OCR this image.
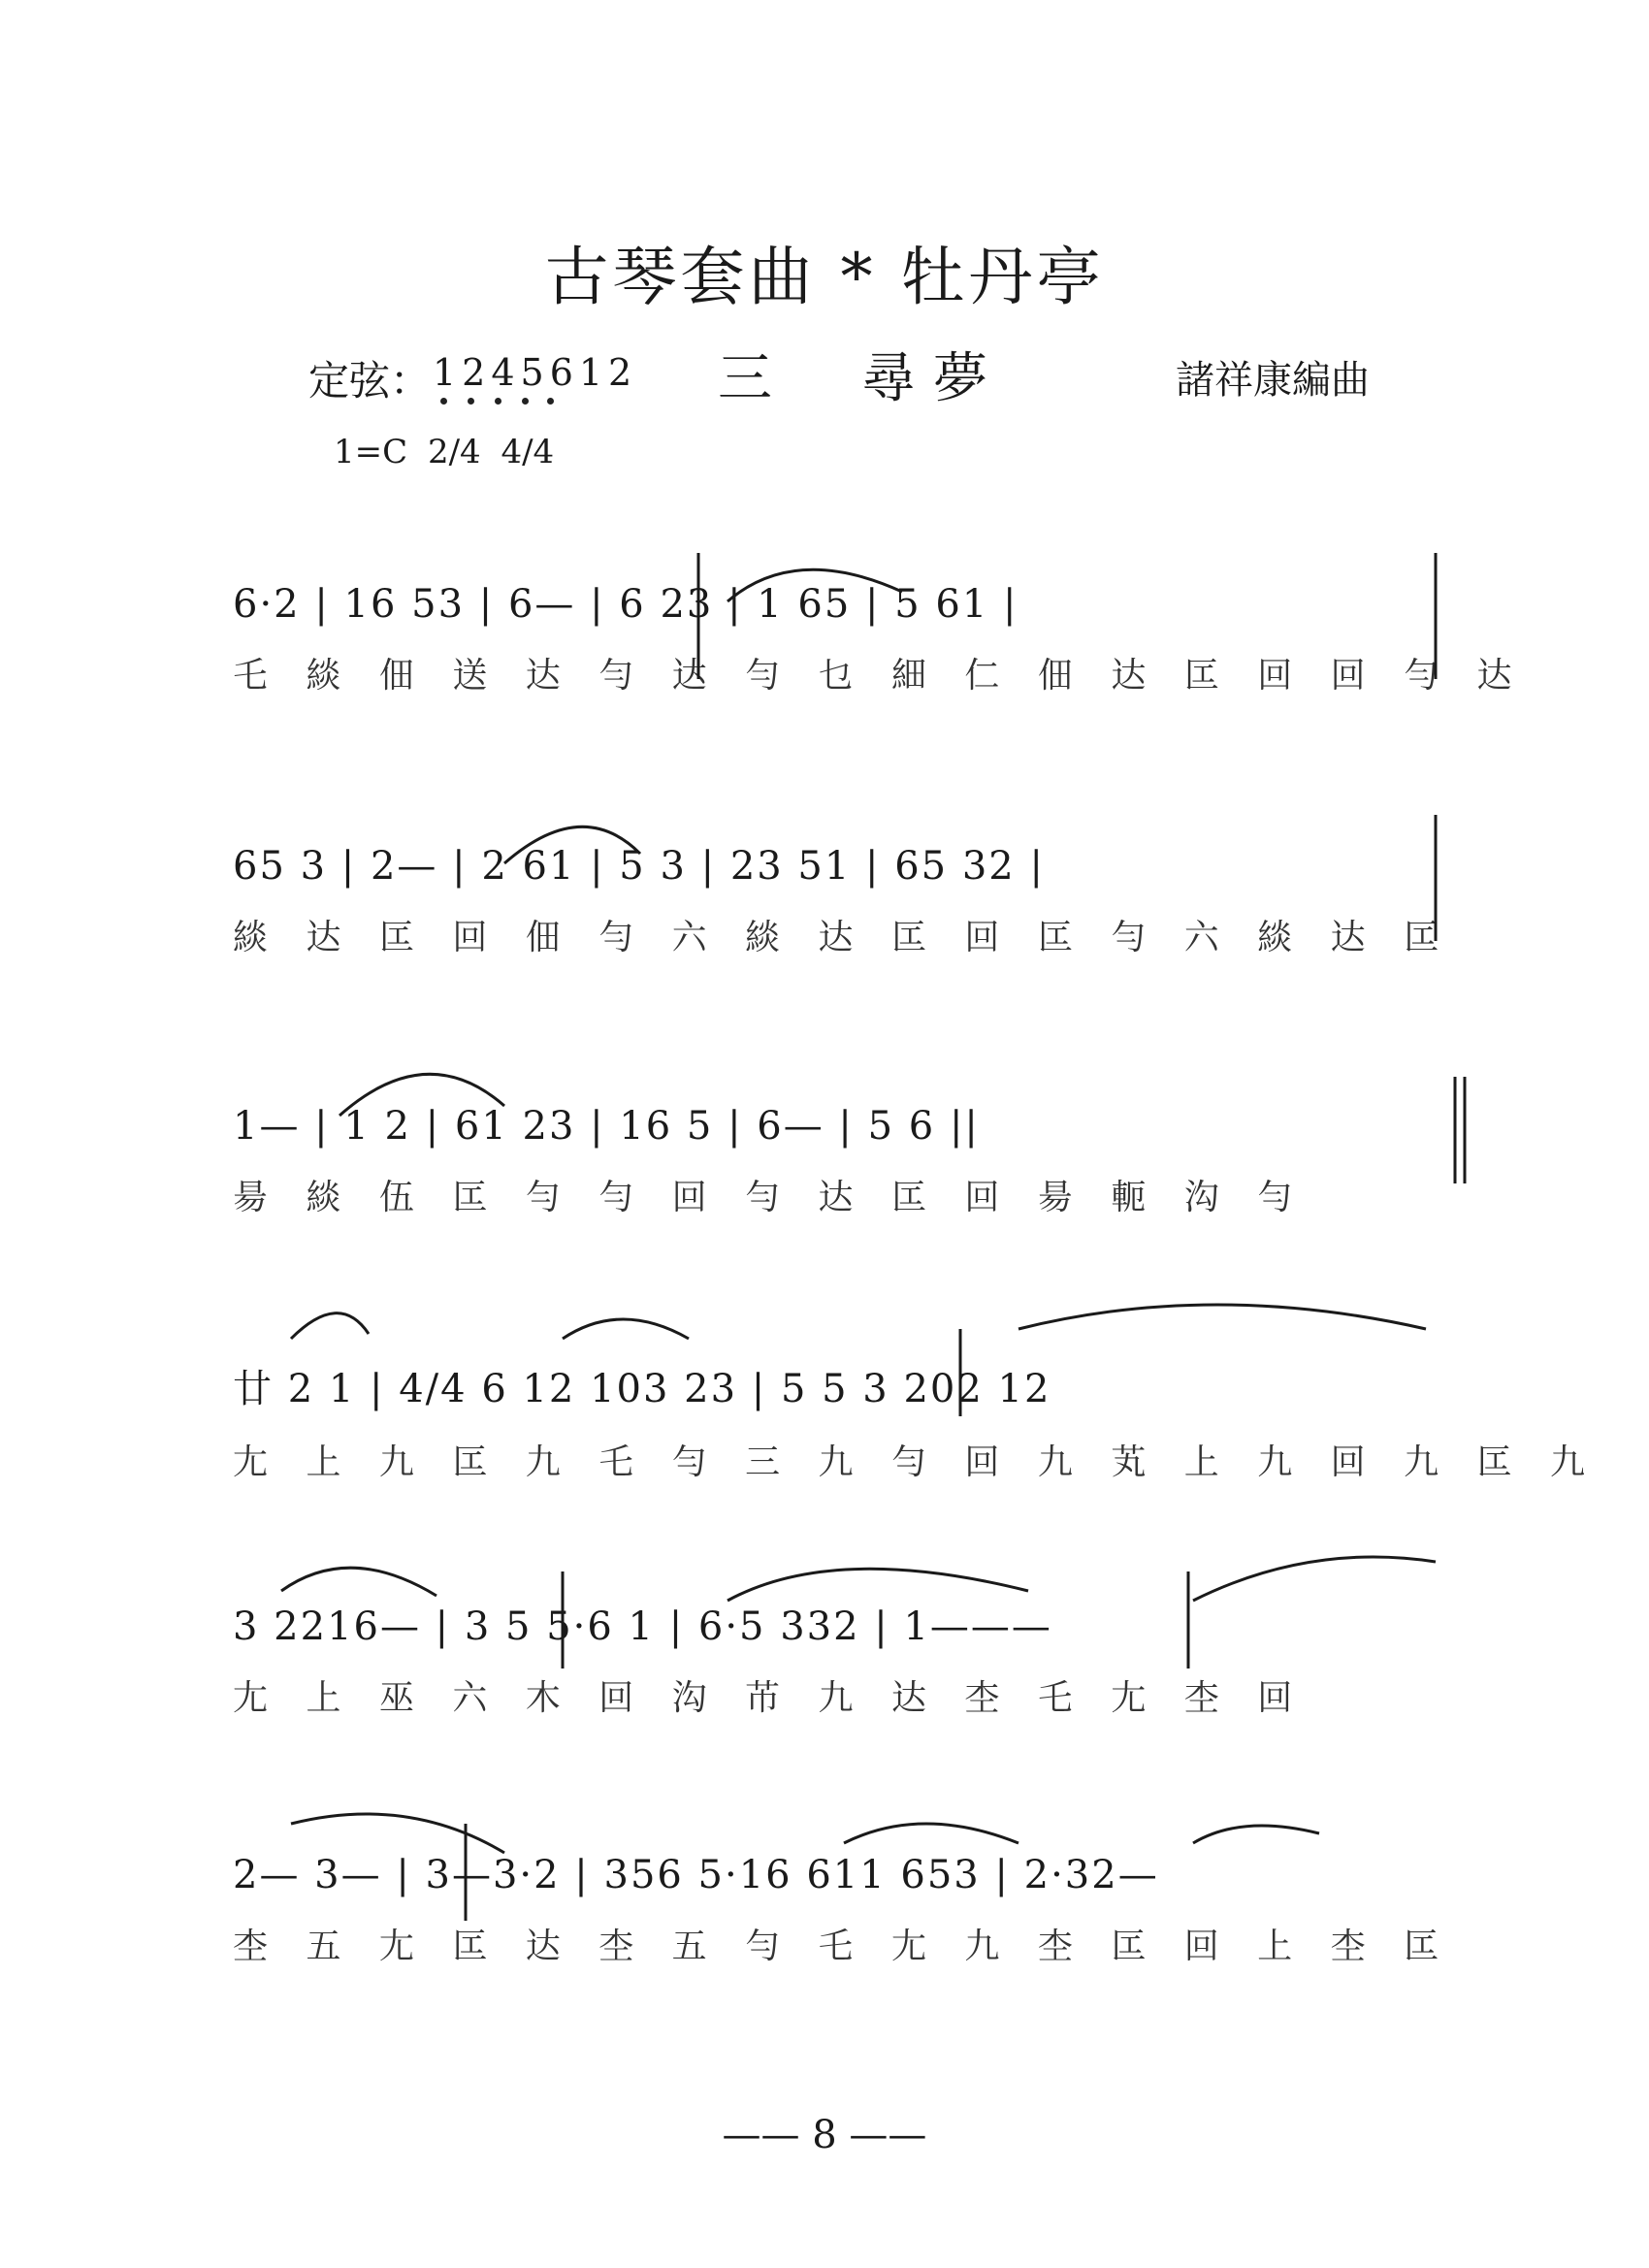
古琴套曲 * 牡丹亭
定弦： 1245612 三　尋夢	諸祥康編曲
1=C 2/4 4/4
6·2 | 16 53 | 6— | 6 23 | 1 65 | 5 61 |
乇 緂 佃 送 达 勻 达 勻 乜 細 仁 佃 达 匞 回 回 勻 达
65 3 | 2— | 2 61 | 5 3 | 23 51 | 65 32 |
緂 达 匞 回 佃 勻 六 緂 达 匞 回 匞 勻 六 緂 达 匞
1— | 1 2 | 61 23 | 16 5 | 6— | 5 6 ||
昜 緂 伍 匞 勻 勻 回 勻 达 匞 回 昜 軛 沟 勻
廿 2 1 | 4/4 6 12 103 23 | 5 5 3 202 12
尢 上 九 匞 九 乇 勻 三 九 勻 回 九 芄 上 九 回 九 匞 九
3 2216— | 3 5 5·6 1 | 6·5 332 | 1———
尢 上 巫 六 木 回 沟 芇 九 达 杢 乇 尢 杢 回
2— 3— | 3—3·2 | 356 5·16 611 653 | 2·32—
杢 五 尢 匞 达 杢 五 勻 乇 尢 九 杢 匞 回 上 杢 匞
—— 8 ——
